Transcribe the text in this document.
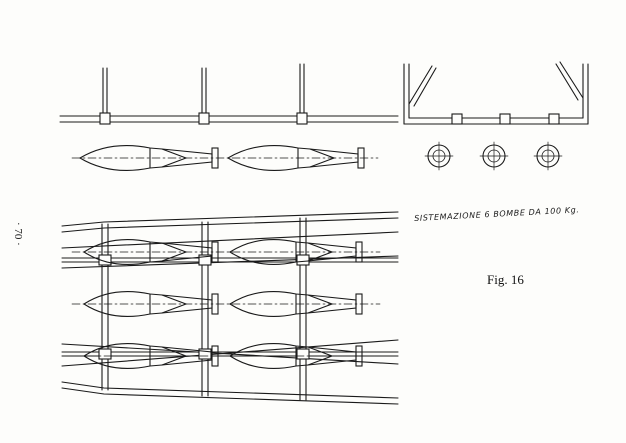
SISTEMAZIONE 6 BOMBE DA 100 Kg.
Fig. 16
· 70 ·
